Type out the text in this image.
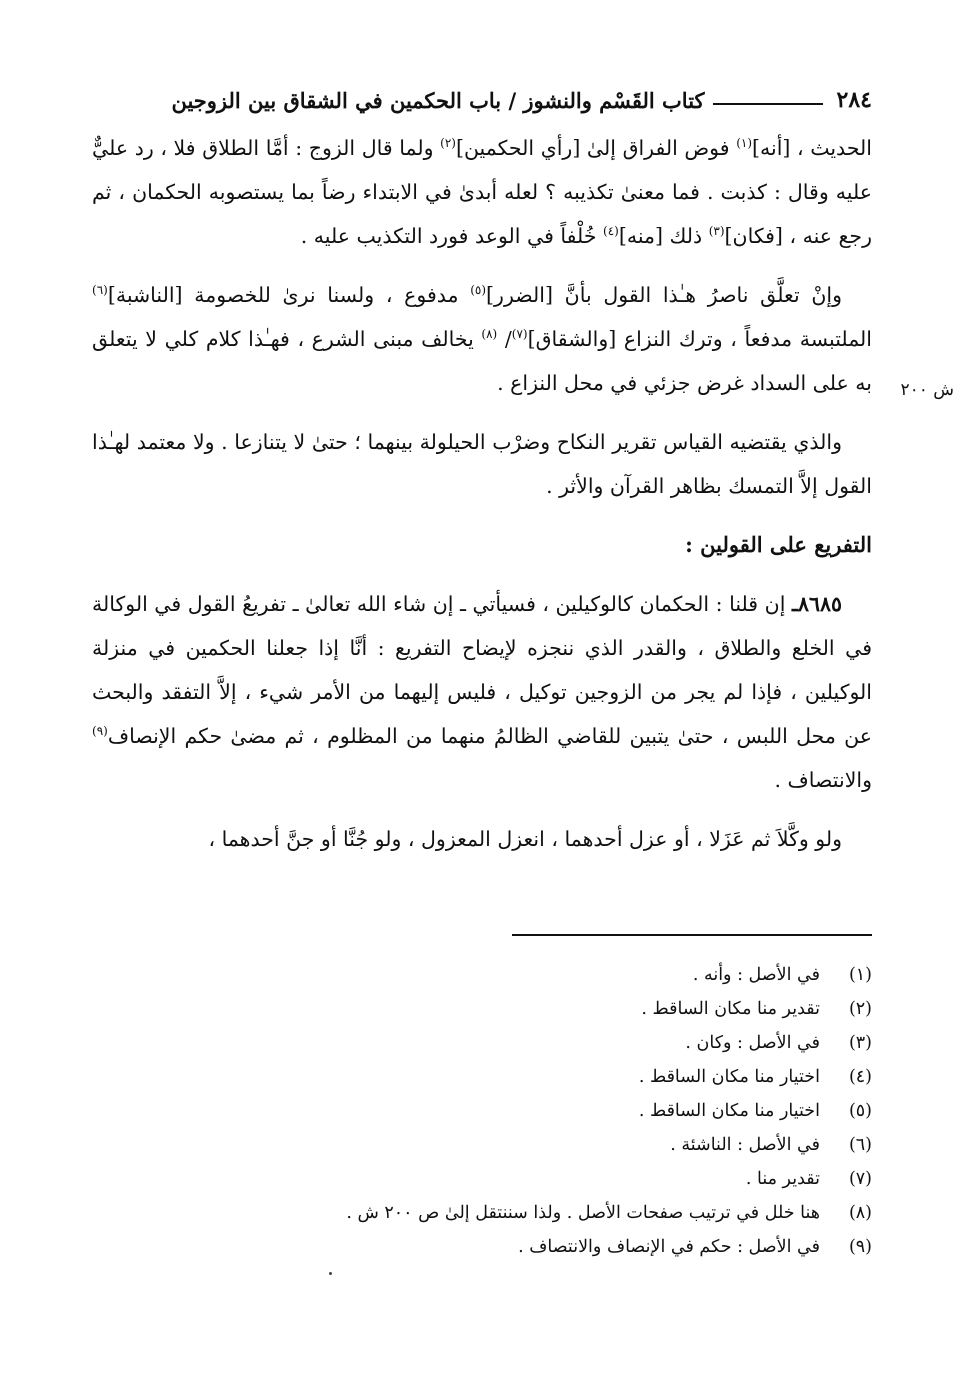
٢٨٤
كتاب القَسْم والنشوز / باب الحكمين في الشقاق بين الزوجين
ش ٢٠٠

الحديث ، [أنه]$^{(١)}$ فوض الفراق إلىٰ [رأي الحكمين]$^{(٢)}$ ولما قال الزوج : أمَّا الطلاق فلا ، رد عليٌّ عليه وقال : كذبت . فما معنىٰ تكذيبه ؟ لعله أبدىٰ في الابتداء رضاً بما يستصوبه الحكمان ، ثم رجع عنه ، [فكان]$^{(٣)}$ ذلك [منه]$^{(٤)}$ خُلْفاً في الوعد فورد التكذيب عليه .

وإنْ تعلَّق ناصرُ هـٰذا القول بأنَّ [الضرر]$^{(٥)}$ مدفوع ، ولسنا نرىٰ للخصومة [الناشبة]$^{(٦)}$ الملتبسة مدفعاً ، وترك النزاع [والشقاق]$^{(٧)}$/ $^{(٨)}$ يخالف مبنى الشرع ، فهـٰذا كلام كلي لا يتعلق به على السداد غرض جزئي في محل النزاع .

والذي يقتضيه القياس تقرير النكاح وضرْب الحيلولة بينهما ؛ حتىٰ لا يتنازعا . ولا معتمد لهـٰذا القول إلاَّ التمسك بظاهر القرآن والأثر .

التفريع على القولين :

٨٦٨٥ـ إن قلنا : الحكمان كالوكيلين ، فسيأتي ـ إن شاء الله تعالىٰ ـ تفريعُ القول في الوكالة في الخلع والطلاق ، والقدر الذي ننجزه لإيضاح التفريع : أنَّا إذا جعلنا الحكمين في منزلة الوكيلين ، فإذا لم يجر من الزوجين توكيل ، فليس إليهما من الأمر شيء ، إلاَّ التفقد والبحث عن محل اللبس ، حتىٰ يتبين للقاضي الظالمُ منهما من المظلوم ، ثم مضىٰ حكم الإنصاف$^{(٩)}$ والانتصاف .

ولو وكَّلاَ ثم عَزَلا ، أو عزل أحدهما ، انعزل المعزول ، ولو جُنَّا أو جنَّ أحدهما ،

(١)
في الأصل : وأنه .
(٢)
تقدير منا مكان الساقط .
(٣)
في الأصل : وكان .
(٤)
اختيار منا مكان الساقط .
(٥)
اختيار منا مكان الساقط .
(٦)
في الأصل : الناشئة .
(٧)
تقدير منا .
(٨)
هنا خلل في ترتيب صفحات الأصل . ولذا سننتقل إلىٰ ص ٢٠٠ ش .
(٩)
في الأصل : حكم في الإنصاف والانتصاف .
